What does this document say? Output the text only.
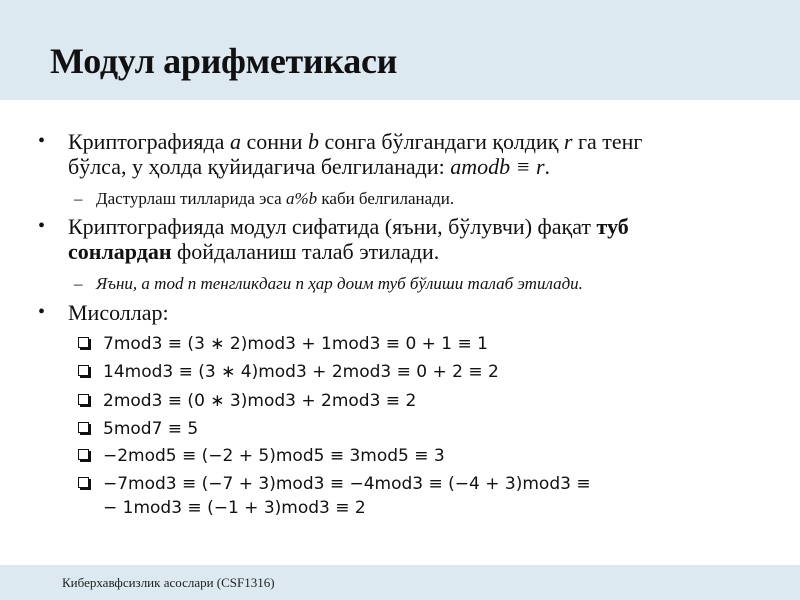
Модул арифметикаси
• Криптографияда a сонни b сонга бўлгандаги қолдиқ r га тенг
бўлса, у ҳолда қуйидагича белгиланади: amodb ≡ r.
– Дастурлаш тилларида эса a%b каби белгиланади.
• Криптографияда модул сифатида (яъни, бўлувчи) фақат туб
сонлардан фойдаланиш талаб этилади.
– Яъни, a mod n тенгликдаги n ҳар доим туб бўлиши талаб этилади.
• Мисоллар:
7mod3 ≡ (3 ∗ 2)mod3 + 1mod3 ≡ 0 + 1 ≡ 1
14mod3 ≡ (3 ∗ 4)mod3 + 2mod3 ≡ 0 + 2 ≡ 2
2mod3 ≡ (0 ∗ 3)mod3 + 2mod3 ≡ 2
5mod7 ≡ 5
−2mod5 ≡ (−2 + 5)mod5 ≡ 3mod5 ≡ 3
−7mod3 ≡ (−7 + 3)mod3 ≡ −4mod3 ≡ (−4 + 3)mod3 ≡
− 1mod3 ≡ (−1 + 3)mod3 ≡ 2
Киберхавфсизлик асослари (CSF1316)
